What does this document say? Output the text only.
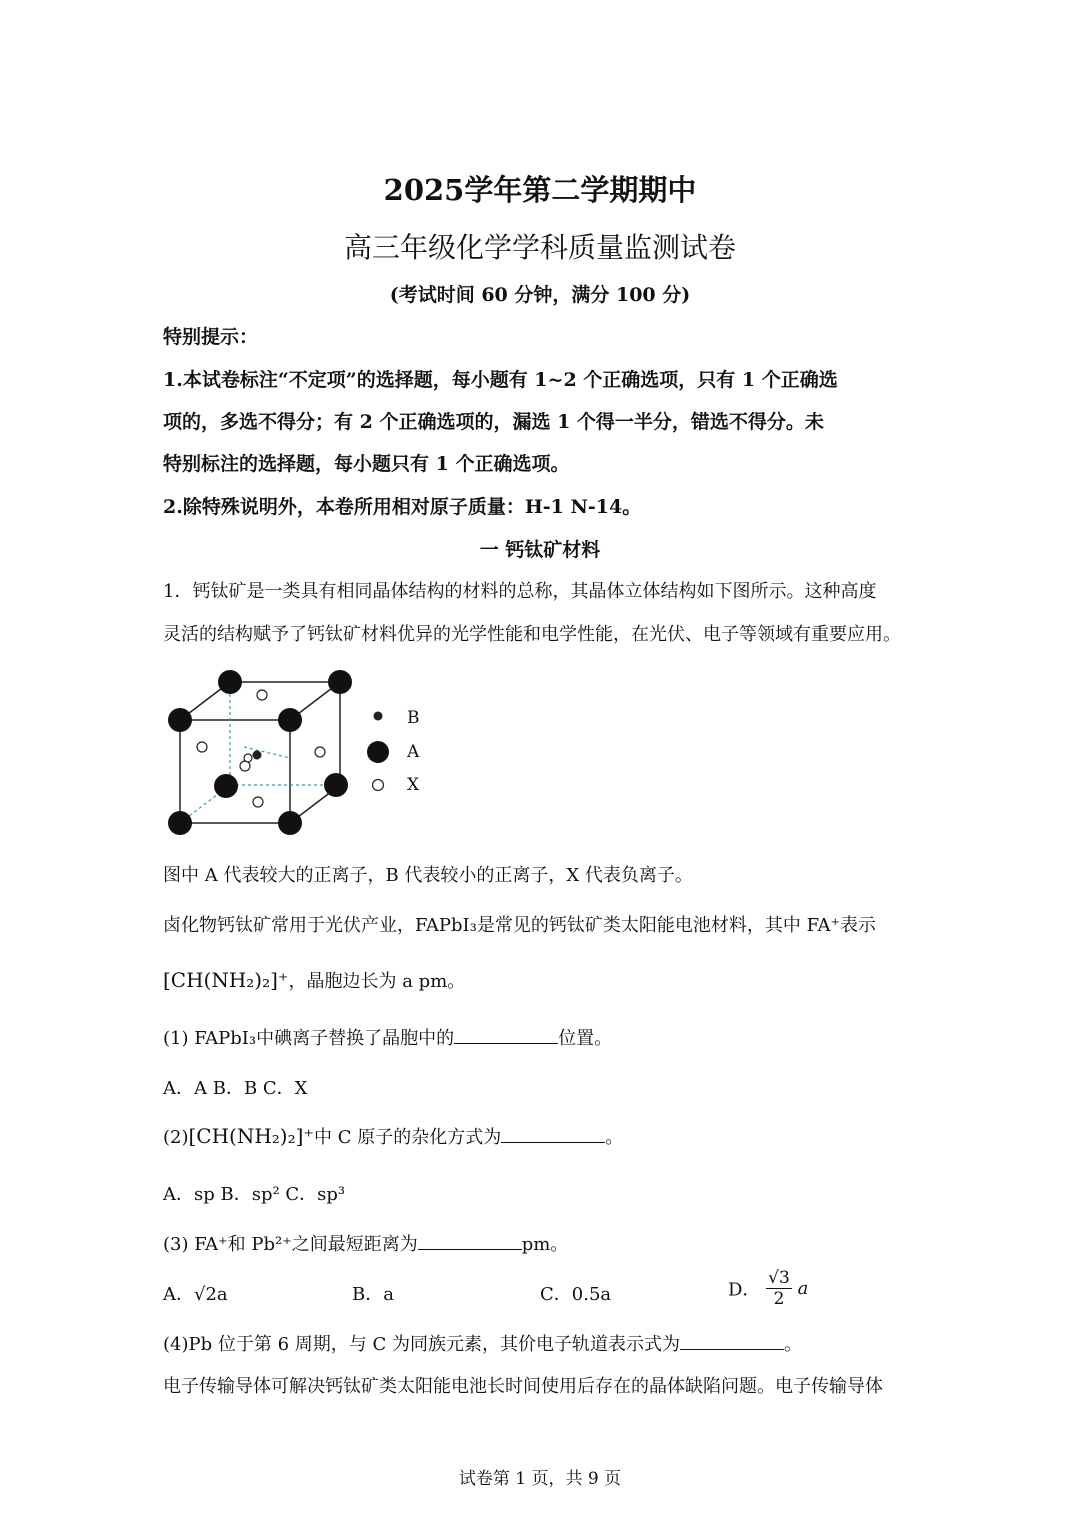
2025学年第二学期期中
高三年级化学学科质量监测试卷
(考试时间 60 分钟，满分 100 分)
特别提示：
1.本试卷标注“不定项”的选择题，每小题有 1~2 个正确选项，只有 1 个正确选
项的，多选不得分；有 2 个正确选项的，漏选 1 个得一半分，错选不得分。未
特别标注的选择题，每小题只有 1 个正确选项。
2.除特殊说明外，本卷所用相对原子质量：H-1 N-14。
一 钙钛矿材料
1．钙钛矿是一类具有相同晶体结构的材料的总称，其晶体立体结构如下图所示。这种高度
灵活的结构赋予了钙钛矿材料优异的光学性能和电学性能，在光伏、电子等领域有重要应用。
B
A
X
图中 A 代表较大的正离子，B 代表较小的正离子，X 代表负离子。
卤化物钙钛矿常用于光伏产业，FAPbI₃是常见的钙钛矿类太阳能电池材料，其中 FA⁺表示
[CH(NH₂)₂]⁺，晶胞边长为 a pm。
(1) FAPbI₃中碘离子替换了晶胞中的	位置。
A．A B．B C．X
(2)[CH(NH₂)₂]⁺中 C 原子的杂化方式为	。
A．sp B．sp² C．sp³
(3) FA⁺和 Pb²⁺之间最短距离为	pm。
A．√2a	B．a	C．0.5a	D． $\frac{√3}{2}$ a
(4)Pb 位于第 6 周期，与 C 为同族元素，其价电子轨道表示式为	。
电子传输导体可解决钙钛矿类太阳能电池长时间使用后存在的晶体缺陷问题。电子传输导体
试卷第 1 页，共 9 页
